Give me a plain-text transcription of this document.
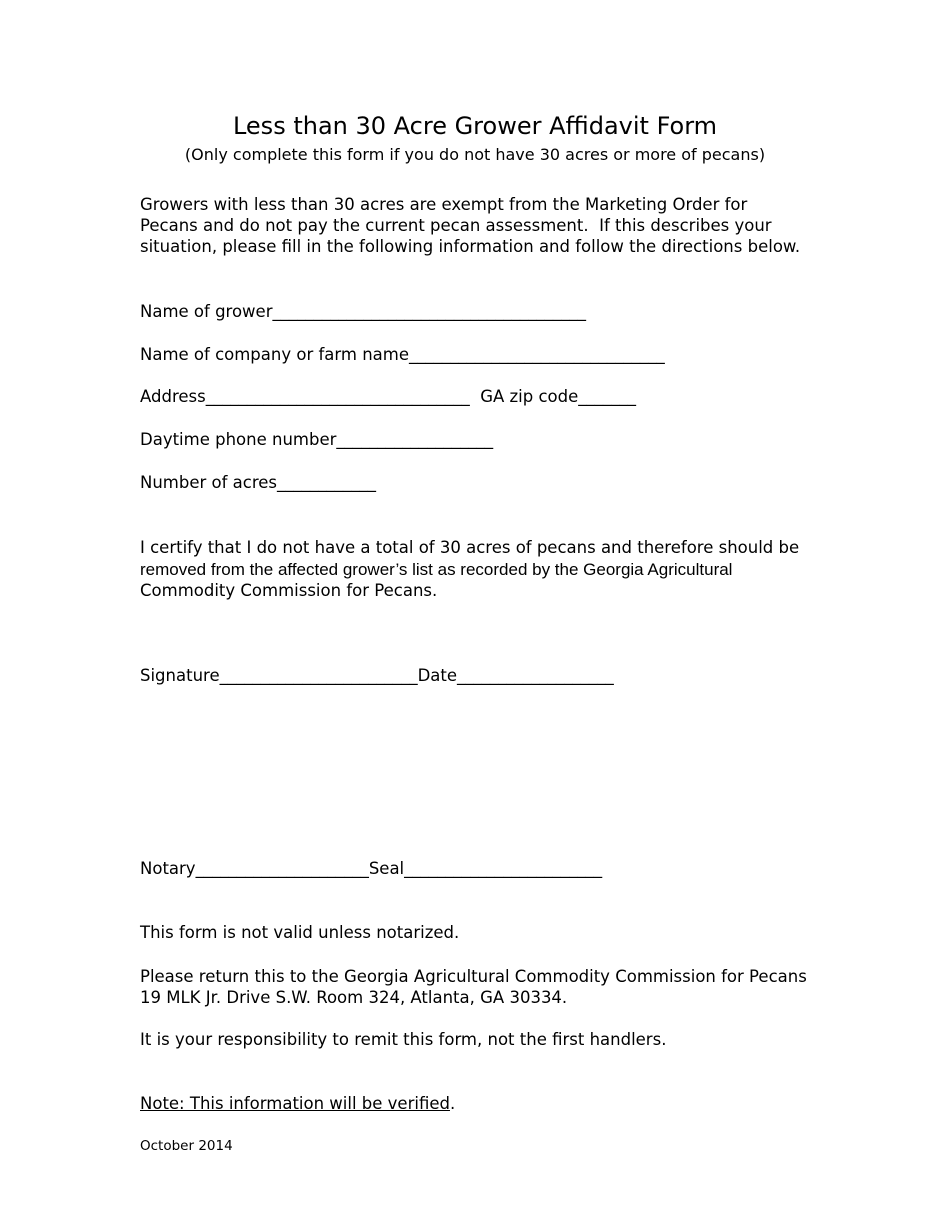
Less than 30 Acre Grower Affidavit Form
(Only complete this form if you do not have 30 acres or more of pecans)
Growers with less than 30 acres are exempt from the Marketing Order for
Pecans and do not pay the current pecan assessment.  If this describes your
situation, please fill in the following information and follow the directions below.
Name of grower______________________________________
Name of company or farm name_______________________________
Address________________________________  GA zip code_______
Daytime phone number___________________
Number of acres____________
I certify that I do not have a total of 30 acres of pecans and therefore should be
removed from the affected grower’s list as recorded by the Georgia Agricultural
Commodity Commission for Pecans.
Signature________________________Date___________________
Notary_____________________Seal________________________
This form is not valid unless notarized.
Please return this to the Georgia Agricultural Commodity Commission for Pecans
19 MLK Jr. Drive S.W. Room 324, Atlanta, GA 30334.
It is your responsibility to remit this form, not the first handlers.
Note: This information will be verified.
October 2014
